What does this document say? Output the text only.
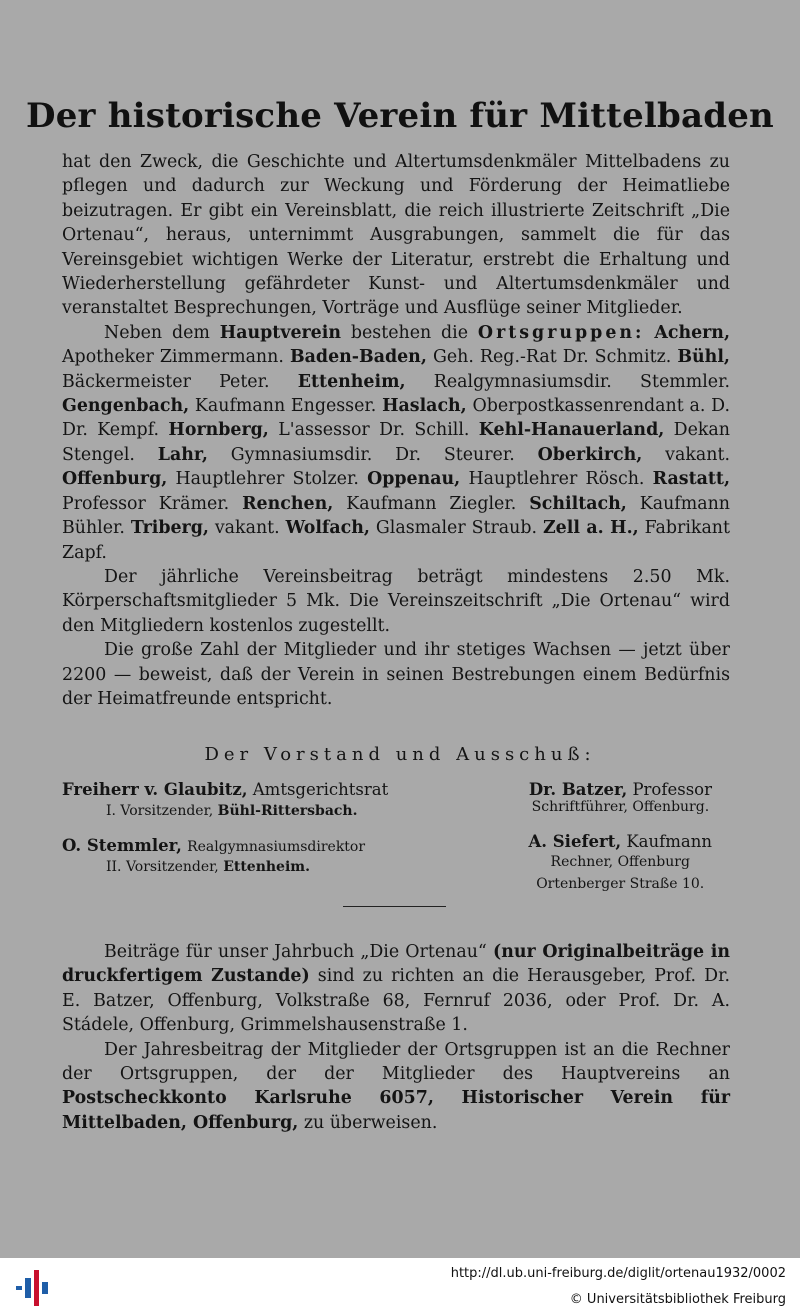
Der historische Verein für Mittelbaden

hat den Zweck, die Geschichte und Altertumsdenkmäler Mittelbadens zu pflegen und dadurch zur Weckung und Förderung der Heimatliebe beizutragen. Er gibt ein Vereinsblatt, die reich illustrierte Zeitschrift „Die Ortenau“, heraus, unternimmt Ausgrabungen, sammelt die für das Vereinsgebiet wichtigen Werke der Literatur, erstrebt die Erhaltung und Wiederherstellung gefährdeter Kunst- und Altertumsdenkmäler und veranstaltet Besprechungen, Vorträge und Ausflüge seiner Mitglieder.

Neben dem Hauptverein bestehen die Ortsgruppen: Achern, Apotheker Zimmermann. Baden-Baden, Geh. Reg.-Rat Dr. Schmitz. Bühl, Bäckermeister Peter. Ettenheim, Realgymnasiumsdir. Stemmler. Gengenbach, Kaufmann Engesser. Haslach, Oberpostkassenrendant a. D. Dr. Kempf. Hornberg, L'assessor Dr. Schill. Kehl-Hanauerland, Dekan Stengel. Lahr, Gymnasiumsdir. Dr. Steurer. Oberkirch, vakant. Offenburg, Hauptlehrer Stolzer. Oppenau, Hauptlehrer Rösch. Rastatt, Professor Krämer. Renchen, Kaufmann Ziegler. Schiltach, Kaufmann Bühler. Triberg, vakant. Wolfach, Glasmaler Straub. Zell a. H., Fabrikant Zapf.

Der jährliche Vereinsbeitrag beträgt mindestens 2.50 Mk. Körperschaftsmitglieder 5 Mk. Die Vereinszeitschrift „Die Ortenau“ wird den Mitgliedern kostenlos zugestellt.

Die große Zahl der Mitglieder und ihr stetiges Wachsen — jetzt über 2200 — beweist, daß der Verein in seinen Bestrebungen einem Bedürfnis der Heimatfreunde entspricht.

Der Vorstand und Ausschuß:
Freiherr v. Glaubitz, Amtsgerichtsrat
I. Vorsitzender, Bühl-Rittersbach.
Dr. Batzer, Professor
Schriftführer, Offenburg.
O. Stemmler, Realgymnasiumsdirektor
II. Vorsitzender, Ettenheim.
A. Siefert, Kaufmann
Rechner, Offenburg
Ortenberger Straße 10.

Beiträge für unser Jahrbuch „Die Ortenau“ (nur Originalbeiträge in druckfertigem Zustande) sind zu richten an die Herausgeber, Prof. Dr. E. Batzer, Offenburg, Volkstraße 68, Fernruf 2036, oder Prof. Dr. A. Stádele, Offenburg, Grimmelshausenstraße 1.

Der Jahresbeitrag der Mitglieder der Ortsgruppen ist an die Rechner der Ortsgruppen, der der Mitglieder des Hauptvereins an Postscheckkonto Karlsruhe 6057, Historischer Verein für Mittelbaden, Offenburg, zu überweisen.

http://dl.ub.uni-freiburg.de/diglit/ortenau1932/0002
© Universitätsbibliothek Freiburg
